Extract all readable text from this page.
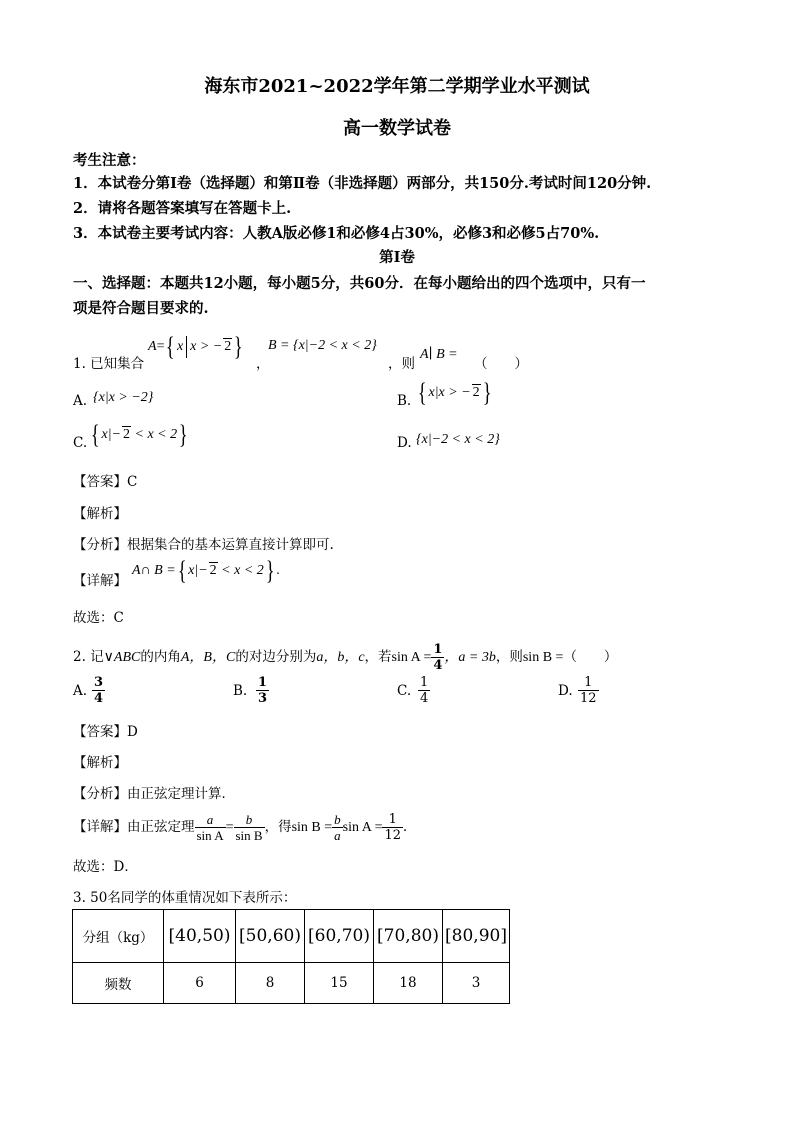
海东市2021~2022学年第二学期学业水平测试
高一数学试卷
考生注意：
1．本试卷分第Ⅰ卷（选择题）和第Ⅱ卷（非选择题）两部分，共150分.考试时间120分钟.
2．请将各题答案填写在答题卡上.
3．本试卷主要考试内容：人教A版必修1和必修4占30%，必修3和必修5占70%.
第Ⅰ卷
一、选择题：本题共12小题，每小题5分，共60分．在每小题给出的四个选项中，只有一
项是符合题目要求的.
1. 已知集合
A={ x x > − 2 }
，
B = {x|−2 < x < 2}
，则
A∣ B =
（　　）
A. {x|x > −2}	B. { x|x > − 2 }
C. { x|− 2 < x < 2}	D. {x|−2 < x < 2}
【答案】C
【解析】
【分析】根据集合的基本运算直接计算即可.
【详解】
A∩ B ={ x|− 2 < x < 2} .
故选：C
2. 记∨ABC的内角A，B，C的对边分别为a，b，c，若$\sin A = \frac{1}{4}$ ，a = 3b，则sin B =（　　）
A. $\frac{3}{4}$	B. $\frac{1}{3}$	C. $\frac{1}{4}$	D. $\frac{1}{12}$
【答案】D
【解析】
【分析】由正弦定理计算．
【详解】由正弦定理 $\frac{a}{\text{sin A}} = \frac{b}{\text{sin B}}$ ，得$\sin B = \frac{b}{a}$ $\sin A = \frac{1}{12}$ ．
故选：D．
3. 50名同学的体重情况如下表所示：
分组（kg）	[40,50)	[50,60)	[60,70)	[70,80)	[80,90]
频数	6	8	15	18	3
